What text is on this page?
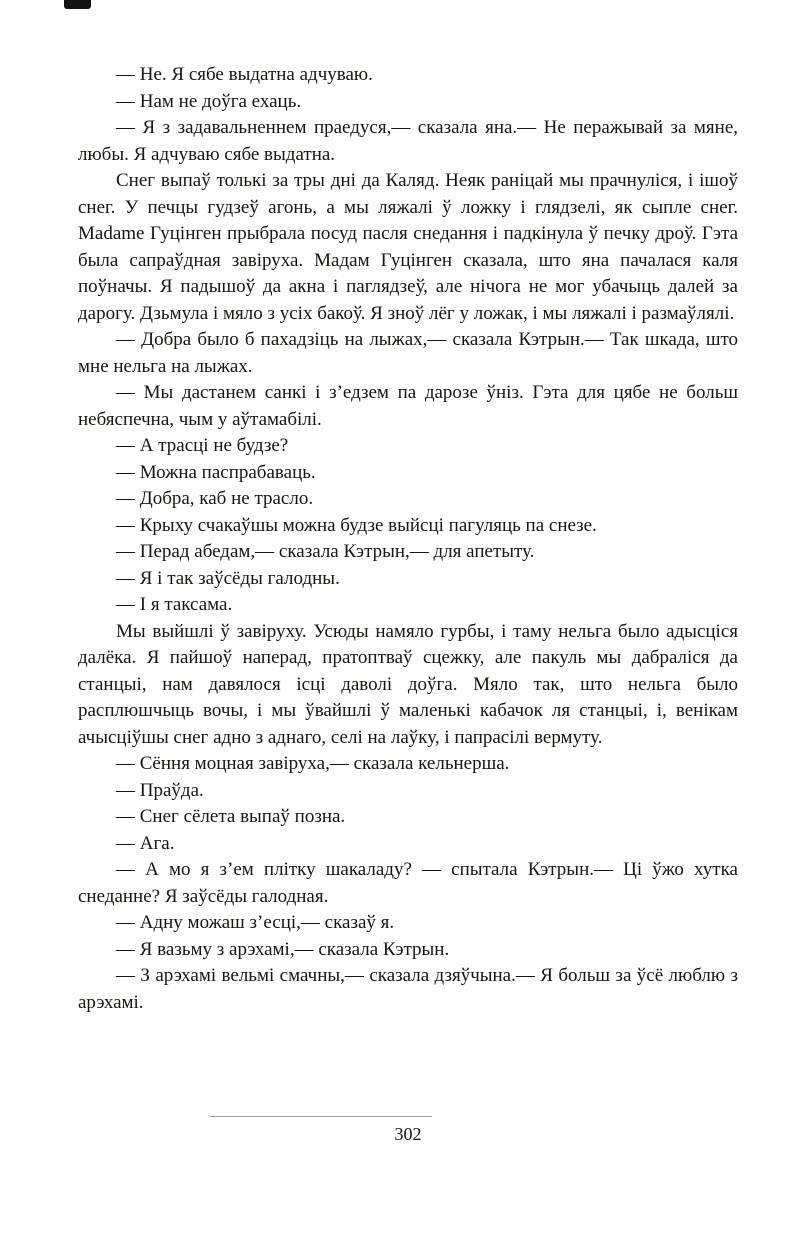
— Не. Я сябе выдатна адчуваю.

— Нам не доўга ехаць.

— Я з задавальненнем праедуся,— сказала яна.— Не перажывай за мяне, любы. Я адчуваю сябе выдатна.

Снег выпаў толькі за тры дні да Каляд. Неяк раніцай мы прачнуліся, і ішоў снег. У печцы гудзеў агонь, а мы ляжалі ў ложку і глядзелі, як сыпле снег. Madame Гуцінген прыбрала посуд пасля снедання і падкінула ў печку дроў. Гэта была сапраўдная завіруха. Мадам Гуцінген сказала, што яна пачалася каля поўначы. Я падышоў да акна і паглядзеў, але нічога не мог убачыць далей за дарогу. Дзьмула і мяло з усіх бакоў. Я зноў лёг у ложак, і мы ляжалі і размаўлялі.

— Добра было б пахадзіць на лыжах,— сказала Кэтрын.— Так шкада, што мне нельга на лыжах.

— Мы дастанем санкі і з’едзем па дарозе ўніз. Гэта для цябе не больш небяспечна, чым у аўтамабілі.

— А трасці не будзе?

— Можна паспрабаваць.

— Добра, каб не трасло.

— Крыху счакаўшы можна будзе выйсці пагуляць па снезе.

— Перад абедам,— сказала Кэтрын,— для апетыту.

— Я і так заўсёды галодны.

— І я таксама.

Мы выйшлі ў завіруху. Усюды намяло гурбы, і таму нельга было адысціся далёка. Я пайшоў наперад, пратоптваў сцежку, але пакуль мы дабраліся да станцыі, нам давялося ісці даволі доўга. Мяло так, што нельга было расплюшчыць вочы, і мы ўвайшлі ў маленькі кабачок ля станцыі, і, венікам ачысціўшы снег адно з аднаго, селі на лаўку, і папрасілі вермуту.

— Сёння моцная завіруха,— сказала кельнерша.

— Праўда.

— Снег сёлета выпаў позна.

— Ага.

— А мо я з’ем плітку шакаладу? — спытала Кэтрын.— Ці ўжо хутка снеданне? Я заўсёды галодная.

— Адну можаш з’есці,— сказаў я.

— Я вазьму з арэхамі,— сказала Кэтрын.

— З арэхамі вельмі смачны,— сказала дзяўчына.— Я больш за ўсё люблю з арэхамі.

302
